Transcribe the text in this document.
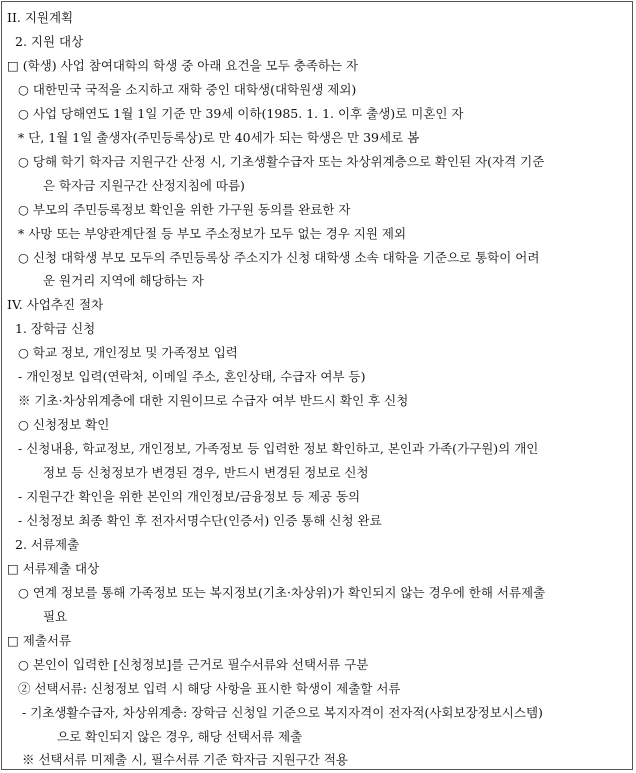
II. 지원계획
2. 지원 대상
□ (학생) 사업 참여대학의 학생 중 아래 요건을 모두 충족하는 자
○ 대한민국 국적을 소지하고 재학 중인 대학생(대학원생 제외)
○ 사업 당해연도 1월 1일 기준 만 39세 이하(1985. 1. 1. 이후 출생)로 미혼인 자
* 단, 1월 1일 출생자(주민등록상)로 만 40세가 되는 학생은 만 39세로 봄
○ 당해 학기 학자금 지원구간 산정 시, 기초생활수급자 또는 차상위계층으로 확인된 자(자격 기준
은 학자금 지원구간 산정지침에 따름)
○ 부모의 주민등록정보 확인을 위한 가구원 동의를 완료한 자
* 사망 또는 부양관계단절 등 부모 주소정보가 모두 없는 경우 지원 제외
○ 신청 대학생 부모 모두의 주민등록상 주소지가 신청 대학생 소속 대학을 기준으로 통학이 어려
운 원거리 지역에 해당하는 자
IV. 사업추진 절차
1. 장학금 신청
○ 학교 정보, 개인정보 및 가족정보 입력
- 개인정보 입력(연락처, 이메일 주소, 혼인상태, 수급자 여부 등)
※ 기초·차상위계층에 대한 지원이므로 수급자 여부 반드시 확인 후 신청
○ 신청정보 확인
- 신청내용, 학교정보, 개인정보, 가족정보 등 입력한 정보 확인하고, 본인과 가족(가구원)의 개인
정보 등 신청정보가 변경된 경우, 반드시 변경된 정보로 신청
- 지원구간 확인을 위한 본인의 개인정보/금융정보 등 제공 동의
- 신청정보 최종 확인 후 전자서명수단(인증서) 인증 통해 신청 완료
2. 서류제출
□ 서류제출 대상
○ 연계 정보를 통해 가족정보 또는 복지정보(기초·차상위)가 확인되지 않는 경우에 한해 서류제출
필요
□ 제출서류
○ 본인이 입력한 [신청정보]를 근거로 필수서류와 선택서류 구분
② 선택서류: 신청정보 입력 시 해당 사항을 표시한 학생이 제출할 서류
- 기초생활수급자, 차상위계층: 장학금 신청일 기준으로 복지자격이 전자적(사회보장정보시스템)
으로 확인되지 않은 경우, 해당 선택서류 제출
※ 선택서류 미제출 시, 필수서류 기준 학자금 지원구간 적용
